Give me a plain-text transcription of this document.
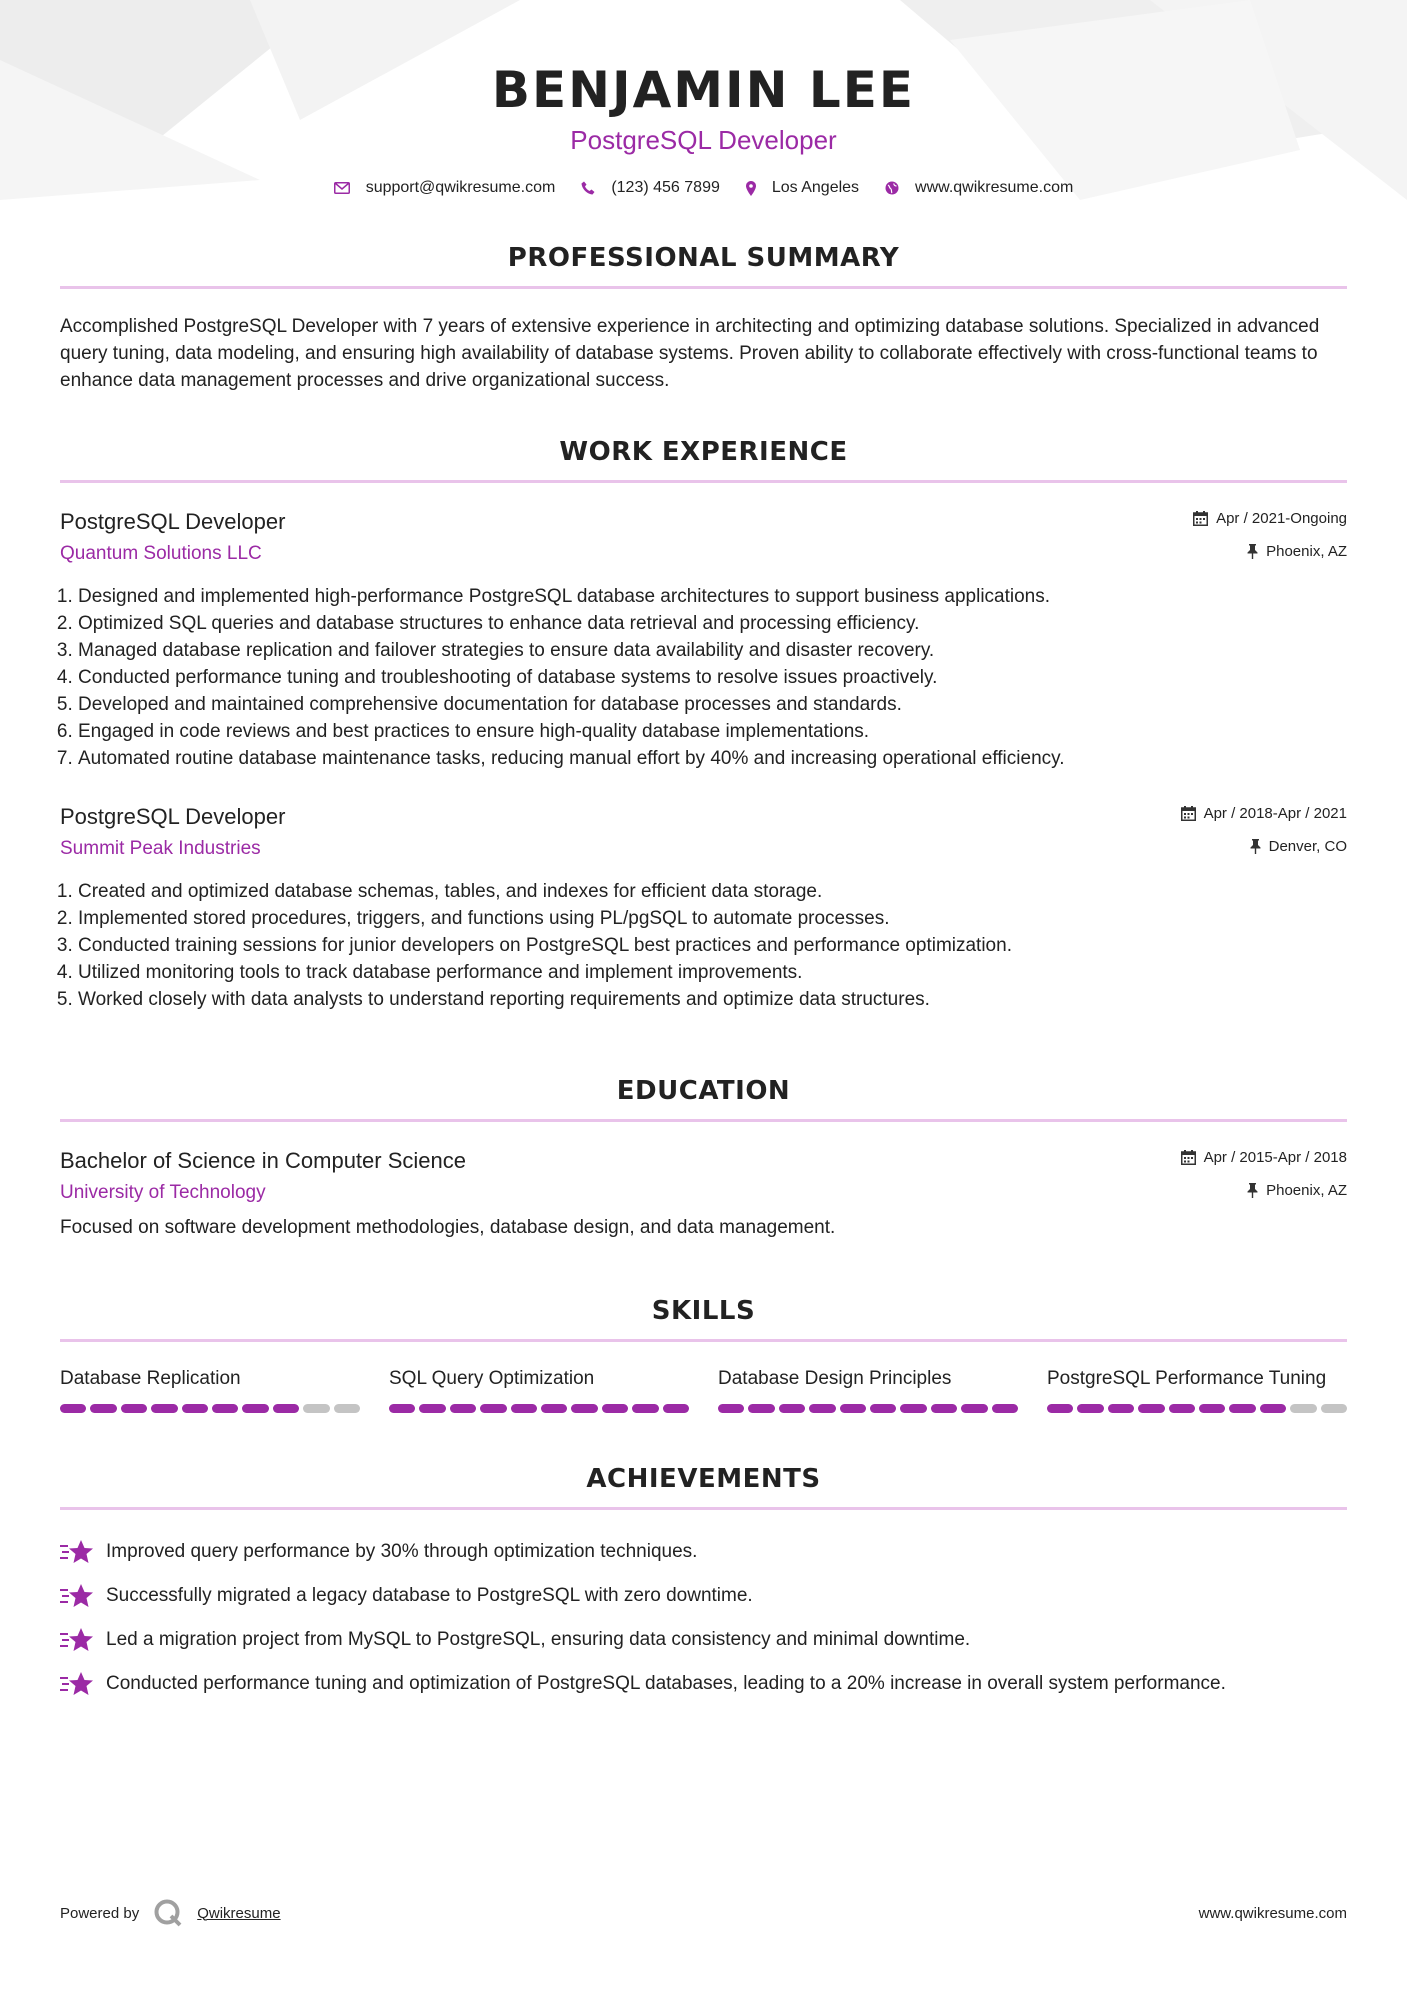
BENJAMIN LEE
PostgreSQL Developer
support@qwikresume.com	(123) 456 7899	Los Angeles	www.qwikresume.com
PROFESSIONAL SUMMARY
Accomplished PostgreSQL Developer with 7 years of extensive experience in architecting and optimizing database solutions. Specialized in advanced query tuning, data modeling, and ensuring high availability of database systems. Proven ability to collaborate effectively with cross-functional teams to enhance data management processes and drive organizational success.
WORK EXPERIENCE
PostgreSQL Developer
Quantum Solutions LLC
Apr / 2021-Ongoing
Phoenix, AZ
1. Designed and implemented high-performance PostgreSQL database architectures to support business applications.
2. Optimized SQL queries and database structures to enhance data retrieval and processing efficiency.
3. Managed database replication and failover strategies to ensure data availability and disaster recovery.
4. Conducted performance tuning and troubleshooting of database systems to resolve issues proactively.
5. Developed and maintained comprehensive documentation for database processes and standards.
6. Engaged in code reviews and best practices to ensure high-quality database implementations.
7. Automated routine database maintenance tasks, reducing manual effort by 40% and increasing operational efficiency.
PostgreSQL Developer
Summit Peak Industries
Apr / 2018-Apr / 2021
Denver, CO
1. Created and optimized database schemas, tables, and indexes for efficient data storage.
2. Implemented stored procedures, triggers, and functions using PL/pgSQL to automate processes.
3. Conducted training sessions for junior developers on PostgreSQL best practices and performance optimization.
4. Utilized monitoring tools to track database performance and implement improvements.
5. Worked closely with data analysts to understand reporting requirements and optimize data structures.
EDUCATION
Bachelor of Science in Computer Science
University of Technology
Apr / 2015-Apr / 2018
Phoenix, AZ
Focused on software development methodologies, database design, and data management.
SKILLS
Database Replication	SQL Query Optimization	Database Design Principles	PostgreSQL Performance Tuning
ACHIEVEMENTS
Improved query performance by 30% through optimization techniques.
Successfully migrated a legacy database to PostgreSQL with zero downtime.
Led a migration project from MySQL to PostgreSQL, ensuring data consistency and minimal downtime.
Conducted performance tuning and optimization of PostgreSQL databases, leading to a 20% increase in overall system performance.
Powered by	Qwikresume	www.qwikresume.com
